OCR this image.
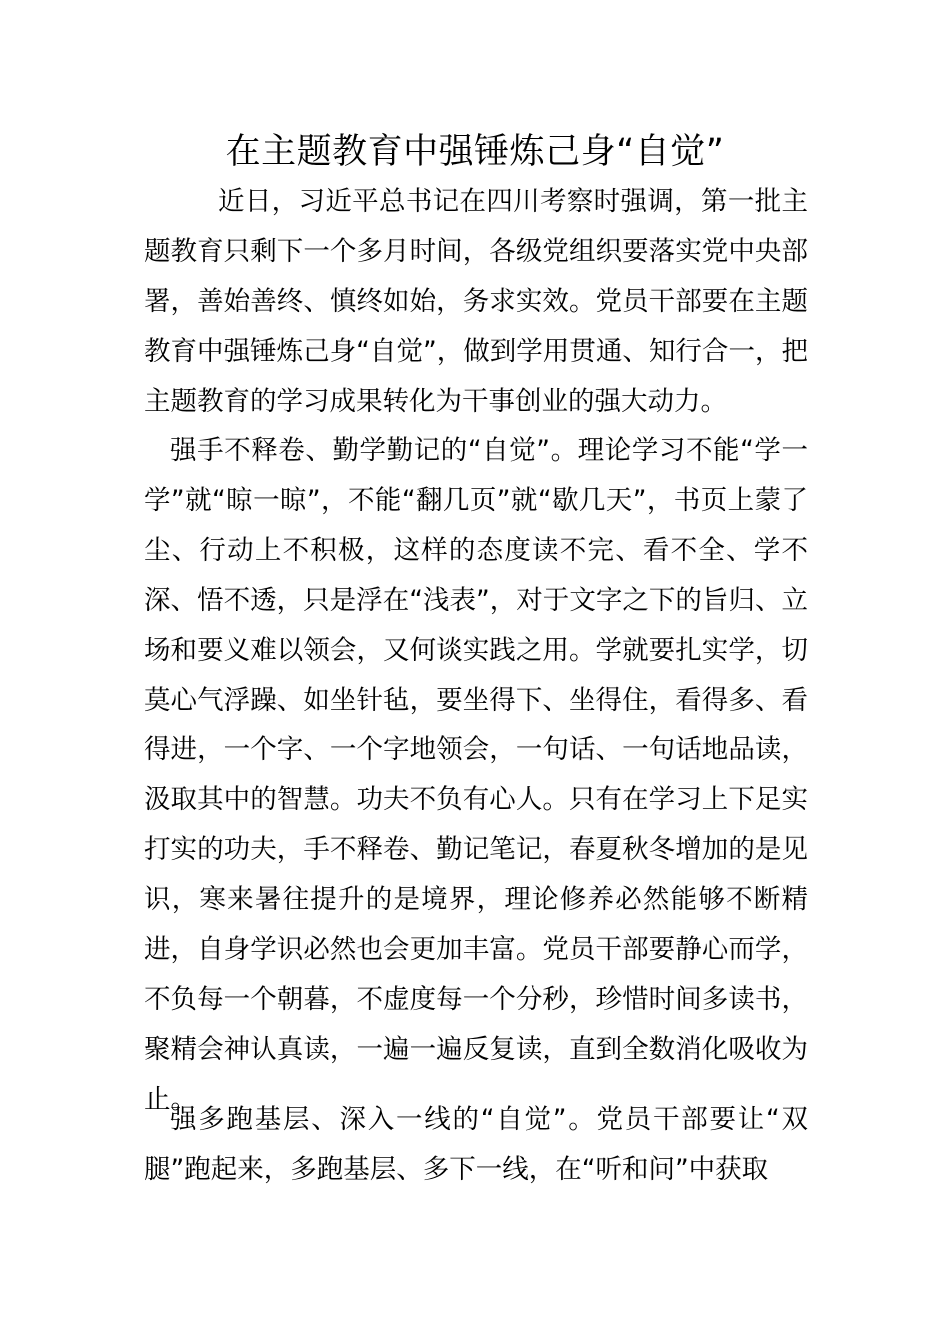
在主题教育中强锤炼己身“自觉”

近日，习近平总书记在四川考察时强调，第一批主题教育只剩下一个多月时间，各级党组织要落实党中央部署，善始善终、慎终如始，务求实效。党员干部要在主题教育中强锤炼己身“自觉”，做到学用贯通、知行合一，把主题教育的学习成果转化为干事创业的强大动力。

强手不释卷、勤学勤记的“自觉”。理论学习不能“学一学”就“晾一晾”，不能“翻几页”就“歇几天”，书页上蒙了尘、行动上不积极，这样的态度读不完、看不全、学不深、悟不透，只是浮在“浅表”，对于文字之下的旨归、立场和要义难以领会，又何谈实践之用。学就要扎实学，切莫心气浮躁、如坐针毡，要坐得下、坐得住，看得多、看得进，一个字、一个字地领会，一句话、一句话地品读，汲取其中的智慧。功夫不负有心人。只有在学习上下足实打实的功夫，手不释卷、勤记笔记，春夏秋冬增加的是见识，寒来暑往提升的是境界，理论修养必然能够不断精进，自身学识必然也会更加丰富。党员干部要静心而学，不负每一个朝暮，不虚度每一个分秒，珍惜时间多读书，聚精会神认真读，一遍一遍反复读，直到全数消化吸收为止。

强多跑基层、深入一线的“自觉”。党员干部要让“双腿”跑起来，多跑基层、多下一线，在“听和问”中获取
